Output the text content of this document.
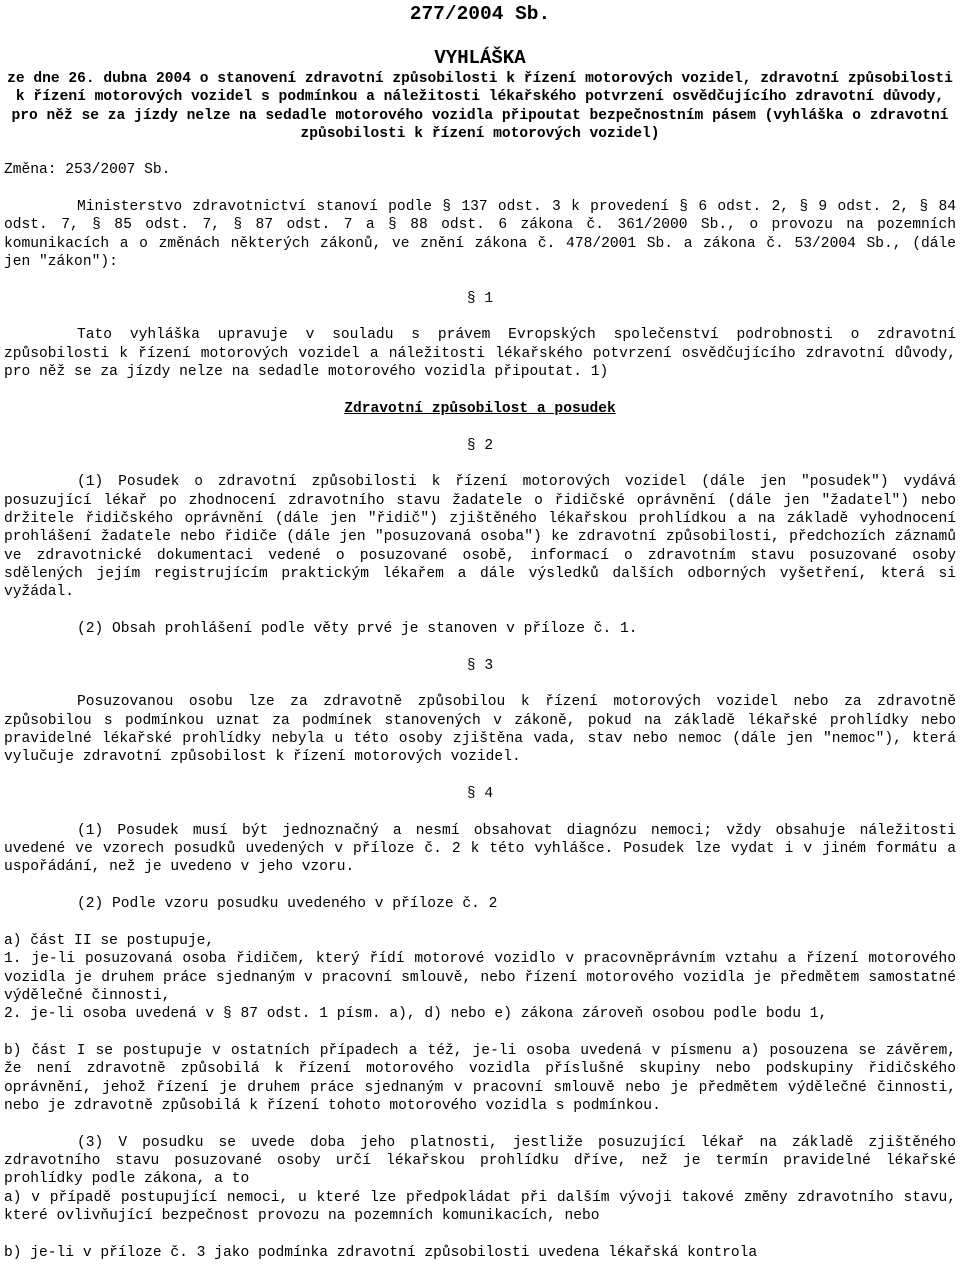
277/2004 Sb.
VYHLÁŠKA
ze dne 26. dubna 2004 o stanovení zdravotní způsobilosti k řízení motorových vozidel, zdravotní způsobilosti k řízení motorových vozidel s podmínkou a náležitosti lékařského potvrzení osvědčujícího zdravotní důvody, pro něž se za jízdy nelze na sedadle motorového vozidla připoutat bezpečnostním pásem (vyhláška o zdravotní způsobilosti k řízení motorových vozidel)
Změna: 253/2007 Sb.
Ministerstvo zdravotnictví stanoví podle § 137 odst. 3 k provedení § 6 odst. 2, § 9 odst. 2, § 84 odst. 7, § 85 odst. 7, § 87 odst. 7 a § 88 odst. 6 zákona č. 361/2000 Sb., o provozu na pozemních komunikacích a o změnách některých zákonů, ve znění zákona č. 478/2001 Sb. a zákona č. 53/2004 Sb., (dále jen "zákon"):
§ 1
Tato vyhláška upravuje v souladu s právem Evropských společenství podrobnosti o zdravotní způsobilosti k řízení motorových vozidel a náležitosti lékařského potvrzení osvědčujícího zdravotní důvody, pro něž se za jízdy nelze na sedadle motorového vozidla připoutat. 1)
Zdravotní způsobilost a posudek
§ 2
(1) Posudek o zdravotní způsobilosti k řízení motorových vozidel (dále jen "posudek") vydává posuzující lékař po zhodnocení zdravotního stavu žadatele o řidičské oprávnění (dále jen "žadatel") nebo držitele řidičského oprávnění (dále jen "řidič") zjištěného lékařskou prohlídkou a na základě vyhodnocení prohlášení žadatele nebo řidiče (dále jen "posuzovaná osoba") ke zdravotní způsobilosti, předchozích záznamů ve zdravotnické dokumentaci vedené o posuzované osobě, informací o zdravotním stavu posuzované osoby sdělených jejím registrujícím praktickým lékařem a dále výsledků dalších odborných vyšetření, která si vyžádal.
(2) Obsah prohlášení podle věty prvé je stanoven v příloze č. 1.
§ 3
Posuzovanou osobu lze za zdravotně způsobilou k řízení motorových vozidel nebo za zdravotně způsobilou s podmínkou uznat za podmínek stanovených v zákoně, pokud na základě lékařské prohlídky nebo pravidelné lékařské prohlídky nebyla u této osoby zjištěna vada, stav nebo nemoc (dále jen "nemoc"), která vylučuje zdravotní způsobilost k řízení motorových vozidel.
§ 4
(1) Posudek musí být jednoznačný a nesmí obsahovat diagnózu nemoci; vždy obsahuje náležitosti uvedené ve vzorech posudků uvedených v příloze č. 2 k této vyhlášce. Posudek lze vydat i v jiném formátu a uspořádání, než je uvedeno v jeho vzoru.
(2) Podle vzoru posudku uvedeného v příloze č. 2
a) část II se postupuje,
1. je-li posuzovaná osoba řidičem, který řídí motorové vozidlo v pracovněprávním vztahu a řízení motorového vozidla je druhem práce sjednaným v pracovní smlouvě, nebo řízení motorového vozidla je předmětem samostatné výdělečné činnosti,
2. je-li osoba uvedená v § 87 odst. 1 písm. a), d) nebo e) zákona zároveň osobou podle bodu 1,
b) část I se postupuje v ostatních případech a též, je-li osoba uvedená v písmenu a) posouzena se závěrem, že není zdravotně způsobilá k řízení motorového vozidla příslušné skupiny nebo podskupiny řidičského oprávnění, jehož řízení je druhem práce sjednaným v pracovní smlouvě nebo je předmětem výdělečné činnosti, nebo je zdravotně způsobilá k řízení tohoto motorového vozidla s podmínkou.
(3) V posudku se uvede doba jeho platnosti, jestliže posuzující lékař na základě zjištěného zdravotního stavu posuzované osoby určí lékařskou prohlídku dříve, než je termín pravidelné lékařské prohlídky podle zákona, a to
a) v případě postupující nemoci, u které lze předpokládat při dalším vývoji takové změny zdravotního stavu, které ovlivňující bezpečnost provozu na pozemních komunikacích, nebo
b) je-li v příloze č. 3 jako podmínka zdravotní způsobilosti uvedena lékařská kontrola
